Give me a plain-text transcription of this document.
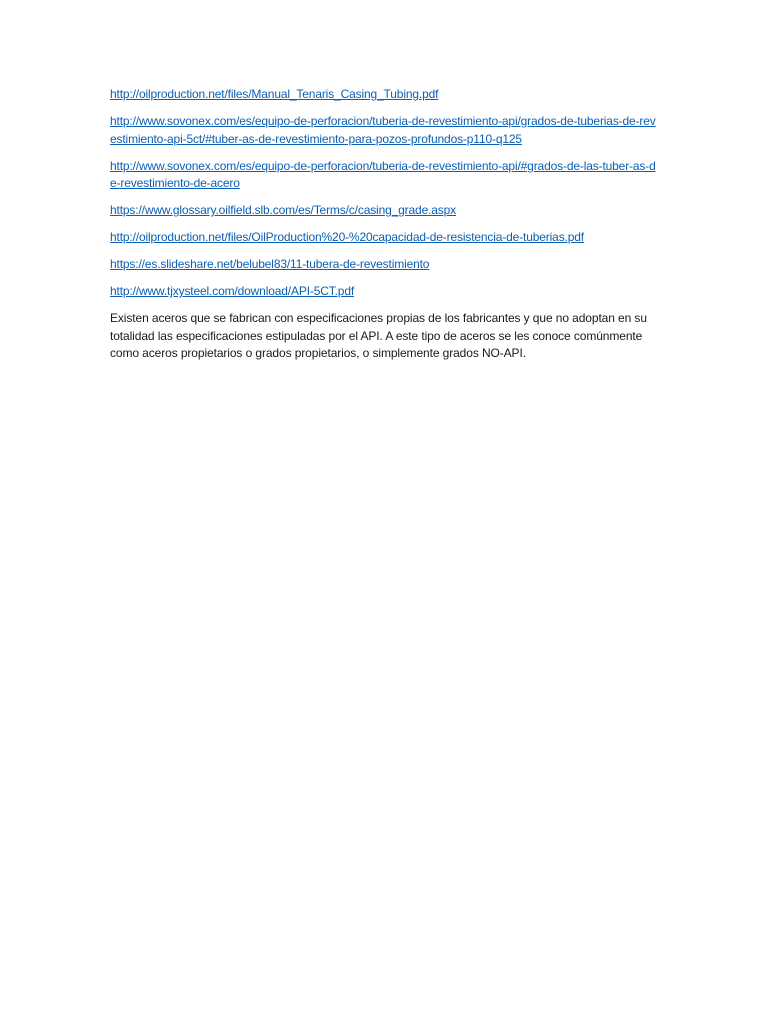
http://oilproduction.net/files/Manual_Tenaris_Casing_Tubing.pdf
http://www.sovonex.com/es/equipo-de-perforacion/tuberia-de-revestimiento-api/grados-de-tuberias-de-revestimiento-api-5ct/#tuber-as-de-revestimiento-para-pozos-profundos-p110-q125
http://www.sovonex.com/es/equipo-de-perforacion/tuberia-de-revestimiento-api/#grados-de-las-tuber-as-de-revestimiento-de-acero
https://www.glossary.oilfield.slb.com/es/Terms/c/casing_grade.aspx
http://oilproduction.net/files/OilProduction%20-%20capacidad-de-resistencia-de-tuberias.pdf
https://es.slideshare.net/belubel83/11-tubera-de-revestimiento
http://www.tjxysteel.com/download/API-5CT.pdf

Existen aceros que se fabrican con especificaciones propias de los fabricantes y que no adoptan en su totalidad las especificaciones estipuladas por el API. A este tipo de aceros se les conoce comúnmente como aceros propietarios o grados propietarios, o simplemente grados NO-API.
